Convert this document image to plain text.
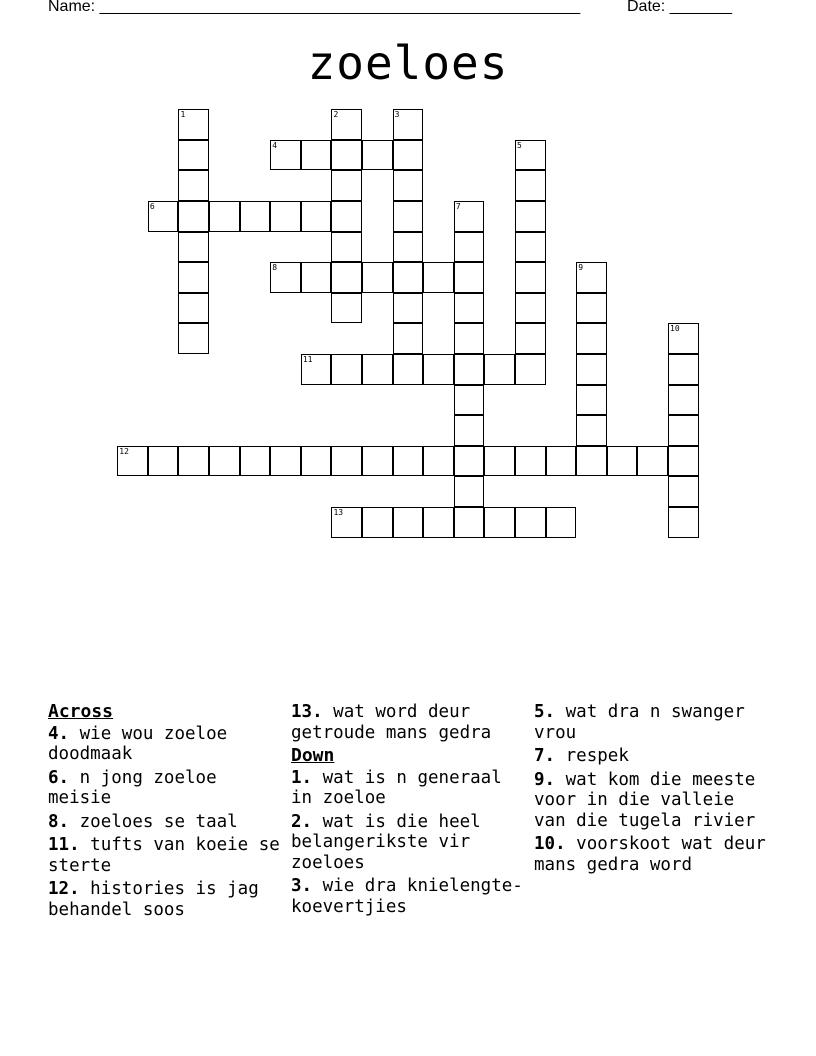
Name: ______________________________________________________	Date: _______
zoeloes
1	2	3
4	5
6	7
8	9
10
11
12
13
Across
4. wie wou zoeloe doodmaak
6. n jong zoeloe meisie
8. zoeloes se taal
11. tufts van koeie se sterte
12. histories is jag behandel soos
13. wat word deur getroude mans gedra
Down
1. wat is n generaal in zoeloe
2. wat is die heel belangerikste vir zoeloes
3. wie dra knielengte-koevertjies
5. wat dra n swanger vrou
7. respek
9. wat kom die meeste voor in die valleie van die tugela rivier
10. voorskoot wat deur mans gedra word
